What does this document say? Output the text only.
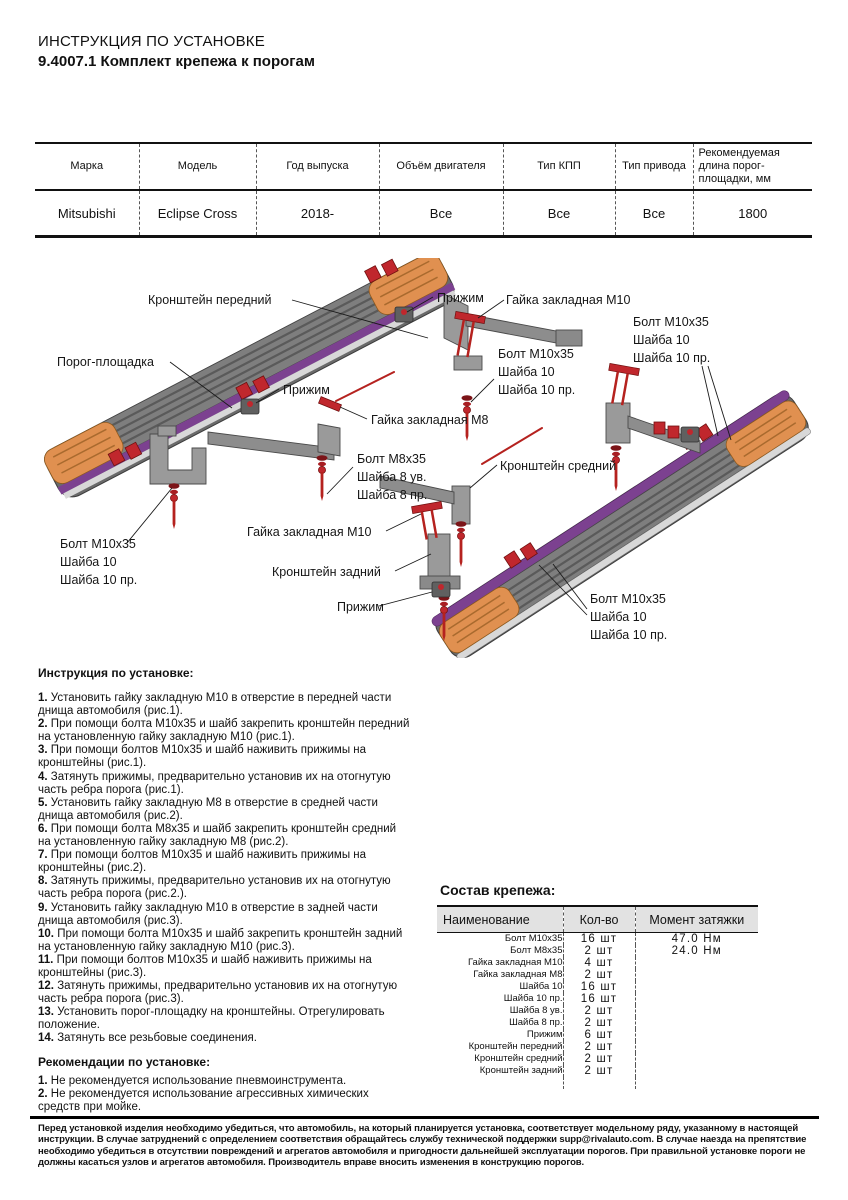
ИНСТРУКЦИЯ ПО УСТАНОВКЕ
9.4007.1 Комплект крепежа к порогам
Марка	Модель	Год выпуска	Объём двигателя	Тип КПП	Тип привода	Рекомендуемая длина порог-площадки, мм
Mitsubishi	Eclipse Cross	2018-	Все	Все	Все	1800
Кронштейн передний	Прижим Гайка закладная М10
Болт М10х35
Шайба 10
Шайба 10 пр.
Порог-площадка
Болт М10х35
Шайба 10
Шайба 10 пр.
Прижим
Гайка закладная М8
Болт М8х35
Шайба 8 ув.
Шайба 8 пр.
Кронштейн средний
Гайка закладная М10
Кронштейн задний
Болт М10х35
Шайба 10
Шайба 10 пр.
Прижим
Болт М10х35
Шайба 10
Шайба 10 пр.
Инструкция по установке:

1. Установить гайку закладную М10 в отверстие в передней части днища автомобиля (рис.1).

2. При помощи болта М10х35 и шайб закрепить кронштейн передний на установленную гайку закладную М10 (рис.1).

3. При помощи болтов М10х35 и шайб наживить прижимы на кронштейны (рис.1).

4. Затянуть прижимы, предварительно установив их на отогнутую часть ребра порога (рис.1).

5. Установить гайку закладную М8 в отверстие в средней части днища автомобиля (рис.2).

6. При помощи болта М8х35 и шайб закрепить кронштейн средний на установленную гайку закладную М8 (рис.2).

7. При помощи болтов М10х35 и шайб наживить прижимы на кронштейны (рис.2).

8. Затянуть прижимы, предварительно установив их на отогнутую часть ребра порога (рис.2.).

9. Установить гайку закладную М10 в отверстие в задней части днища автомобиля (рис.3).

10. При помощи болта М10х35 и шайб закрепить кронштейн задний на установленную гайку закладную М10 (рис.3).

11. При помощи болтов М10х35 и шайб наживить прижимы на кронштейны (рис.3).

12. Затянуть прижимы, предварительно установив их на отогнутую часть ребра порога (рис.3).

13. Установить порог-площадку на кронштейны. Отрегулировать положение.

14. Затянуть все резьбовые соединения.

Рекомендации по установке:

1. Не рекомендуется использование пневмоинструмента.

2. Не рекомендуется использование агрессивных химических средств при мойке.

Состав крепежа:
Наименование	Кол-во	Момент затяжки
Болт М10х35	16 шт	47.0 Нм
Болт М8х35	2 шт	24.0 Нм
Гайка закладная М10	4 шт	
Гайка закладная М8	2 шт	
Шайба 10	16 шт	
Шайба 10 пр.	16 шт	
Шайба 8 ув.	2 шт	
Шайба 8 пр.	2 шт	
Прижим	6 шт	
Кронштейн передний	2 шт	
Кронштейн средний	2 шт	
Кронштейн задний	2 шт	

Перед установкой изделия необходимо убедиться, что автомобиль, на который планируется установка, соответствует модельному ряду, указанному в настоящей инструкции. В случае затруднений с определением соответствия обращайтесь службу технической поддержки supp@rivalauto.com. В случае наезда на препятствие необходимо убедиться в отсутствии повреждений и агрегатов автомобиля и пригодности дальнейшей эксплуатации порогов. При правильной установке пороги не должны касаться узлов и агрегатов автомобиля. Производитель вправе вносить изменения в конструкцию порогов.
